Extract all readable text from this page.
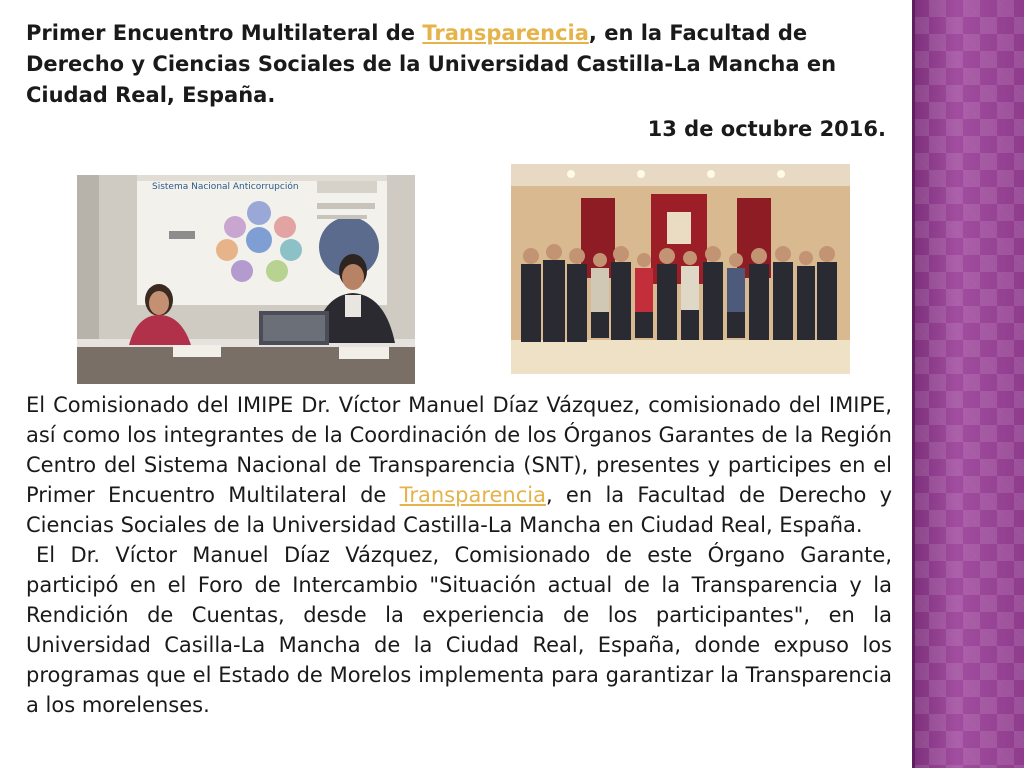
Primer Encuentro Multilateral de Transparencia, en la Facultad de Derecho y Ciencias Sociales de la Universidad Castilla-La Mancha en Ciudad Real, España.
13 de octubre 2016.
Sistema Nacional Anticorrupción

El Comisionado del IMIPE Dr. Víctor Manuel Díaz Vázquez, comisionado del IMIPE, así como los integrantes de la Coordinación de los Órganos Garantes de la Región Centro del Sistema Nacional de Transparencia (SNT), presentes y participes en el Primer Encuentro Multilateral de Transparencia, en la Facultad de Derecho y Ciencias Sociales de la Universidad Castilla-La Mancha en Ciudad Real, España.

El Dr. Víctor Manuel Díaz Vázquez, Comisionado de este Órgano Garante, participó en el Foro de Intercambio "Situación actual de la Transparencia y la Rendición de Cuentas, desde la experiencia de los participantes", en la Universidad Casilla-La Mancha de la Ciudad Real, España, donde expuso los programas que el Estado de Morelos implementa para garantizar la Transparencia a los morelenses.
